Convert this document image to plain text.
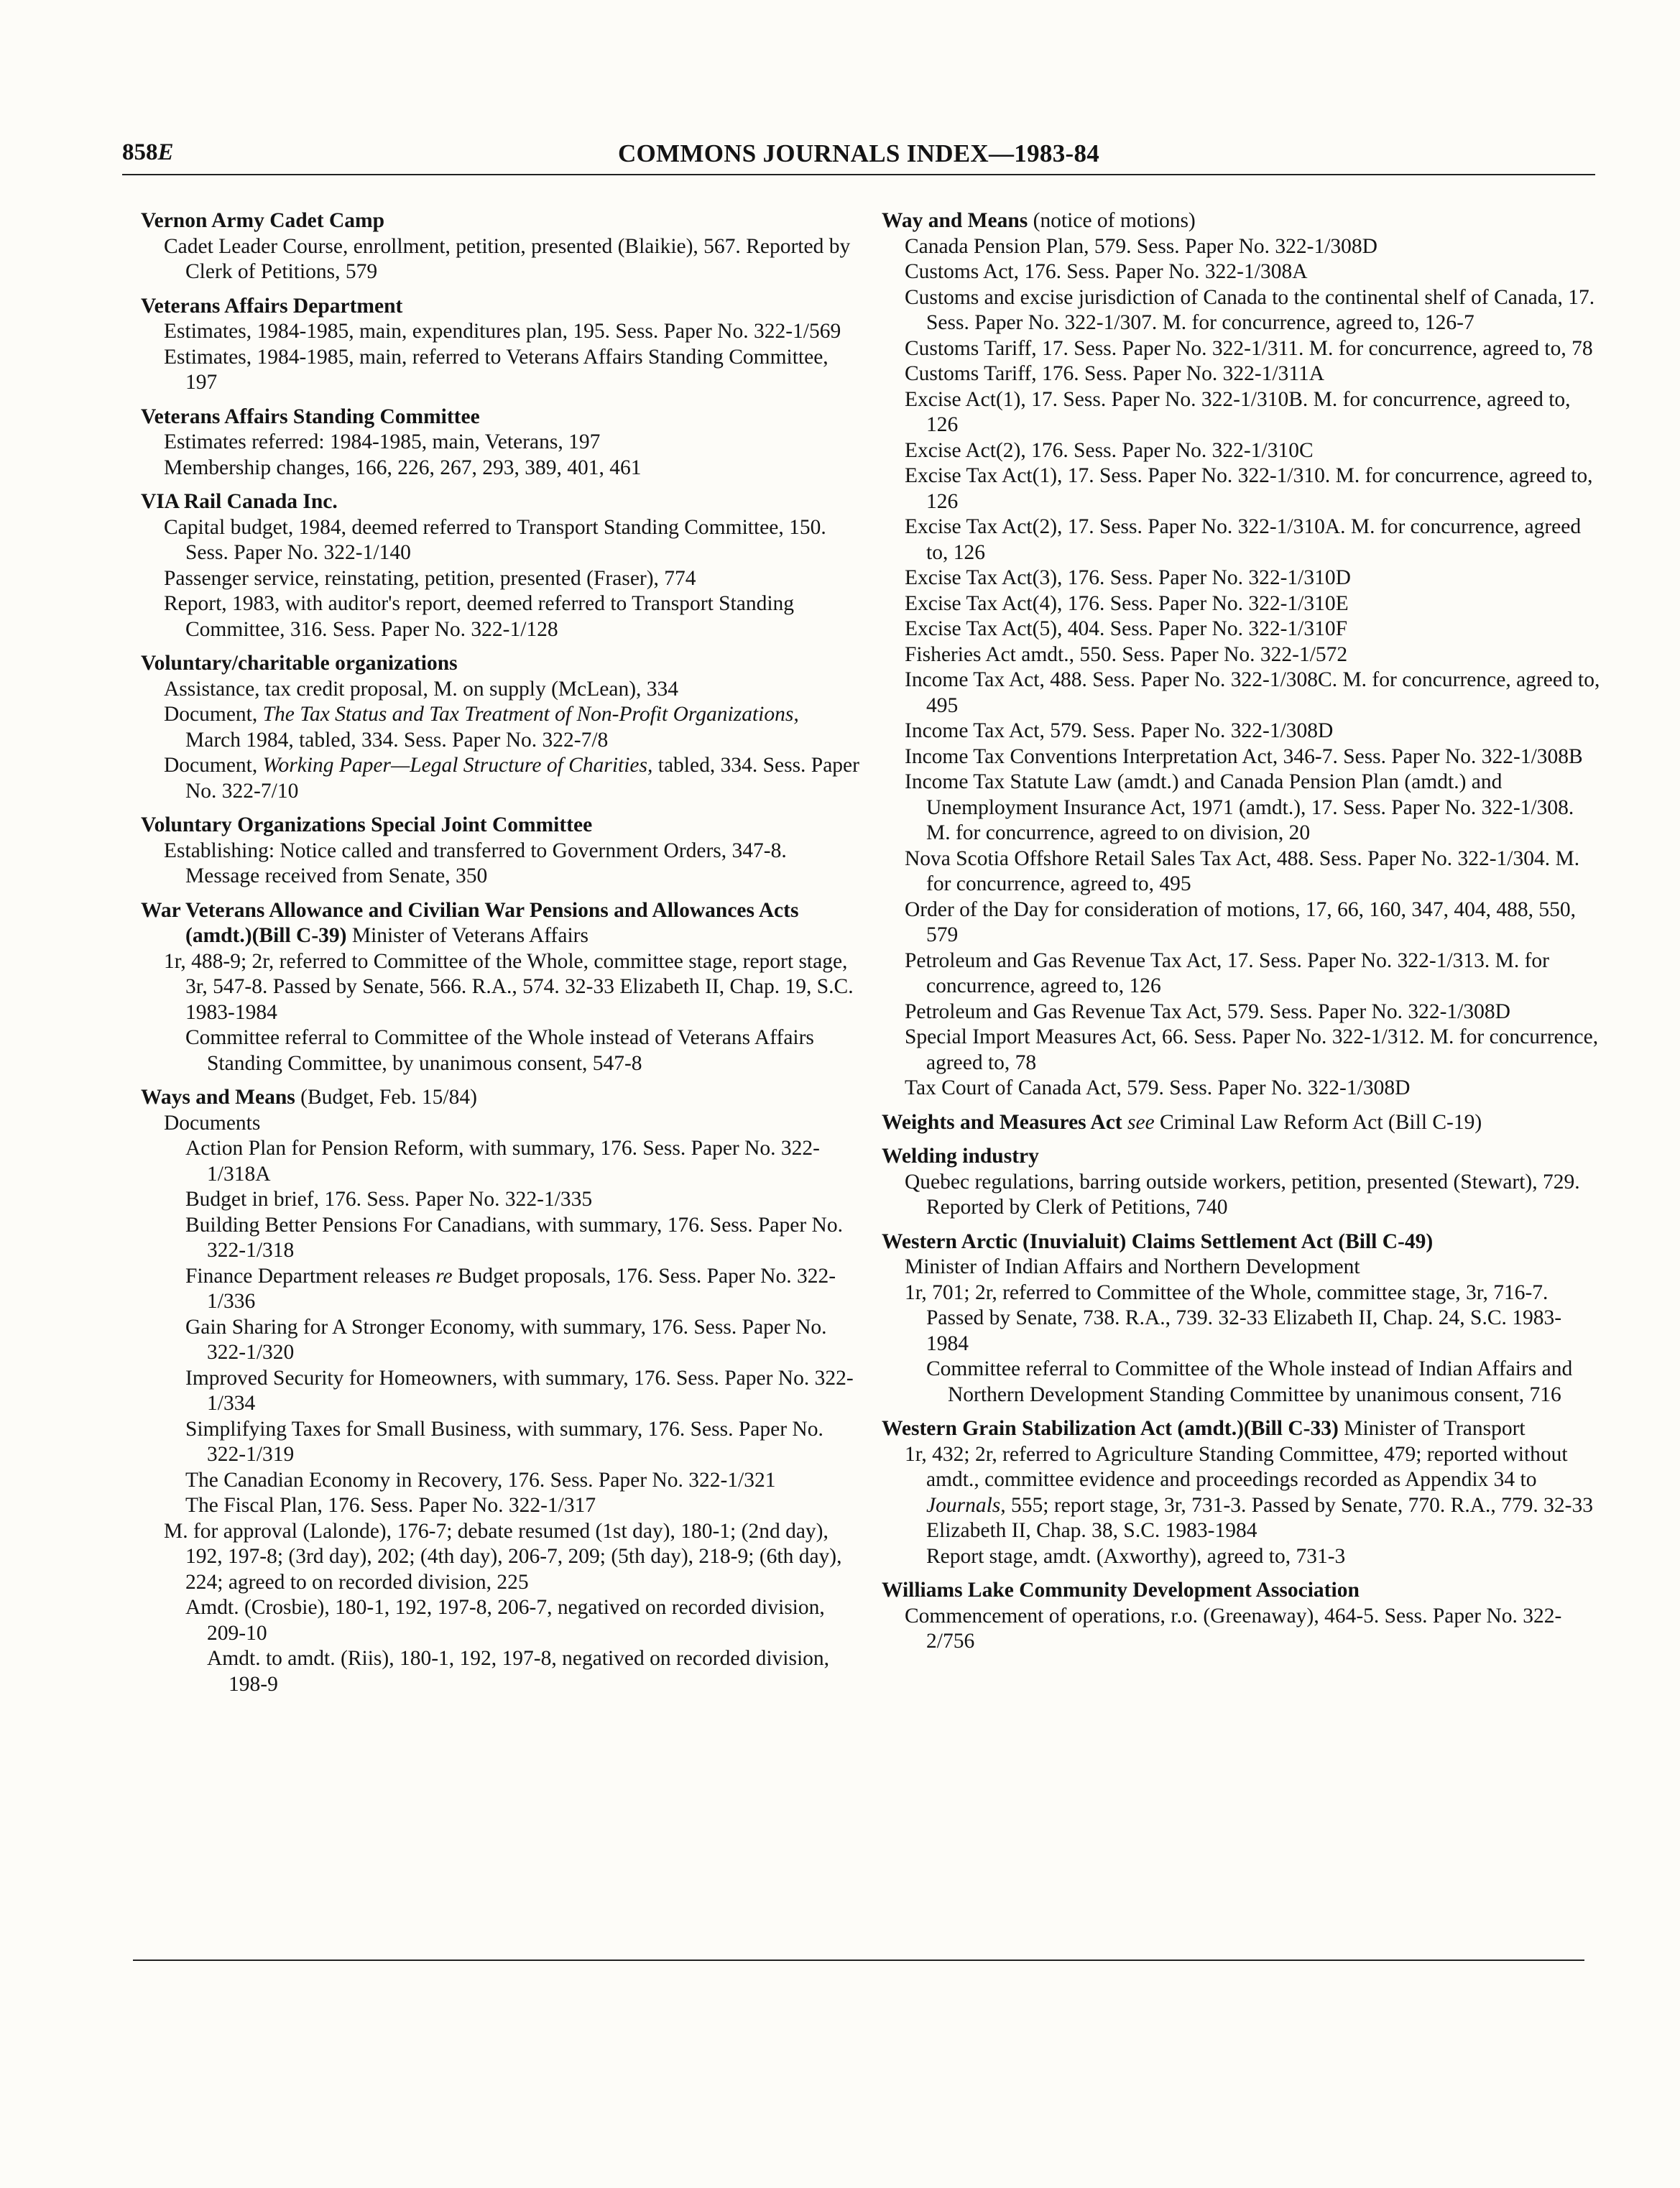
858E	COMMONS JOURNALS INDEX—1983-84
Vernon Army Cadet Camp
Cadet Leader Course, enrollment, petition, presented (Blaikie), 567. Reported by Clerk of Petitions, 579
Veterans Affairs Department
Estimates, 1984-1985, main, expenditures plan, 195. Sess. Paper No. 322-1/569
Estimates, 1984-1985, main, referred to Veterans Affairs Standing Committee, 197
Veterans Affairs Standing Committee
Estimates referred: 1984-1985, main, Veterans, 197
Membership changes, 166, 226, 267, 293, 389, 401, 461
VIA Rail Canada Inc.
Capital budget, 1984, deemed referred to Transport Standing Committee, 150. Sess. Paper No. 322-1/140
Passenger service, reinstating, petition, presented (Fraser), 774
Report, 1983, with auditor's report, deemed referred to Transport Standing Committee, 316. Sess. Paper No. 322-1/128
Voluntary/charitable organizations
Assistance, tax credit proposal, M. on supply (McLean), 334
Document, The Tax Status and Tax Treatment of Non-Profit Organizations, March 1984, tabled, 334. Sess. Paper No. 322-7/8
Document, Working Paper—Legal Structure of Charities, tabled, 334. Sess. Paper No. 322-7/10
Voluntary Organizations Special Joint Committee
Establishing: Notice called and transferred to Government Orders, 347-8. Message received from Senate, 350
War Veterans Allowance and Civilian War Pensions and Allowances Acts (amdt.)(Bill C-39) Minister of Veterans Affairs
1r, 488-9; 2r, referred to Committee of the Whole, committee stage, report stage, 3r, 547-8. Passed by Senate, 566. R.A., 574. 32-33 Elizabeth II, Chap. 19, S.C. 1983-1984
Committee referral to Committee of the Whole instead of Veterans Affairs Standing Committee, by unanimous consent, 547-8
Ways and Means (Budget, Feb. 15/84)
Documents
Action Plan for Pension Reform, with summary, 176. Sess. Paper No. 322-1/318A
Budget in brief, 176. Sess. Paper No. 322-1/335
Building Better Pensions For Canadians, with summary, 176. Sess. Paper No. 322-1/318
Finance Department releases re Budget proposals, 176. Sess. Paper No. 322-1/336
Gain Sharing for A Stronger Economy, with summary, 176. Sess. Paper No. 322-1/320
Improved Security for Homeowners, with summary, 176. Sess. Paper No. 322-1/334
Simplifying Taxes for Small Business, with summary, 176. Sess. Paper No. 322-1/319
The Canadian Economy in Recovery, 176. Sess. Paper No. 322-1/321
The Fiscal Plan, 176. Sess. Paper No. 322-1/317
M. for approval (Lalonde), 176-7; debate resumed (1st day), 180-1; (2nd day), 192, 197-8; (3rd day), 202; (4th day), 206-7, 209; (5th day), 218-9; (6th day), 224; agreed to on recorded division, 225
Amdt. (Crosbie), 180-1, 192, 197-8, 206-7, negatived on recorded division, 209-10
Amdt. to amdt. (Riis), 180-1, 192, 197-8, negatived on recorded division, 198-9
Way and Means (notice of motions)
Canada Pension Plan, 579. Sess. Paper No. 322-1/308D
Customs Act, 176. Sess. Paper No. 322-1/308A
Customs and excise jurisdiction of Canada to the continental shelf of Canada, 17. Sess. Paper No. 322-1/307. M. for concurrence, agreed to, 126-7
Customs Tariff, 17. Sess. Paper No. 322-1/311. M. for concurrence, agreed to, 78
Customs Tariff, 176. Sess. Paper No. 322-1/311A
Excise Act(1), 17. Sess. Paper No. 322-1/310B. M. for concurrence, agreed to, 126
Excise Act(2), 176. Sess. Paper No. 322-1/310C
Excise Tax Act(1), 17. Sess. Paper No. 322-1/310. M. for concurrence, agreed to, 126
Excise Tax Act(2), 17. Sess. Paper No. 322-1/310A. M. for concurrence, agreed to, 126
Excise Tax Act(3), 176. Sess. Paper No. 322-1/310D
Excise Tax Act(4), 176. Sess. Paper No. 322-1/310E
Excise Tax Act(5), 404. Sess. Paper No. 322-1/310F
Fisheries Act amdt., 550. Sess. Paper No. 322-1/572
Income Tax Act, 488. Sess. Paper No. 322-1/308C. M. for concurrence, agreed to, 495
Income Tax Act, 579. Sess. Paper No. 322-1/308D
Income Tax Conventions Interpretation Act, 346-7. Sess. Paper No. 322-1/308B
Income Tax Statute Law (amdt.) and Canada Pension Plan (amdt.) and Unemployment Insurance Act, 1971 (amdt.), 17. Sess. Paper No. 322-1/308. M. for concurrence, agreed to on division, 20
Nova Scotia Offshore Retail Sales Tax Act, 488. Sess. Paper No. 322-1/304. M. for concurrence, agreed to, 495
Order of the Day for consideration of motions, 17, 66, 160, 347, 404, 488, 550, 579
Petroleum and Gas Revenue Tax Act, 17. Sess. Paper No. 322-1/313. M. for concurrence, agreed to, 126
Petroleum and Gas Revenue Tax Act, 579. Sess. Paper No. 322-1/308D
Special Import Measures Act, 66. Sess. Paper No. 322-1/312. M. for concurrence, agreed to, 78
Tax Court of Canada Act, 579. Sess. Paper No. 322-1/308D
Weights and Measures Act see Criminal Law Reform Act (Bill C-19)
Welding industry
Quebec regulations, barring outside workers, petition, presented (Stewart), 729. Reported by Clerk of Petitions, 740
Western Arctic (Inuvialuit) Claims Settlement Act (Bill C-49)
Minister of Indian Affairs and Northern Development
1r, 701; 2r, referred to Committee of the Whole, committee stage, 3r, 716-7. Passed by Senate, 738. R.A., 739. 32-33 Elizabeth II, Chap. 24, S.C. 1983-1984
Committee referral to Committee of the Whole instead of Indian Affairs and Northern Development Standing Committee by unanimous consent, 716
Western Grain Stabilization Act (amdt.)(Bill C-33) Minister of Transport
1r, 432; 2r, referred to Agriculture Standing Committee, 479; reported without amdt., committee evidence and proceedings recorded as Appendix 34 to Journals, 555; report stage, 3r, 731-3. Passed by Senate, 770. R.A., 779. 32-33 Elizabeth II, Chap. 38, S.C. 1983-1984
Report stage, amdt. (Axworthy), agreed to, 731-3
Williams Lake Community Development Association
Commencement of operations, r.o. (Greenaway), 464-5. Sess. Paper No. 322-2/756
